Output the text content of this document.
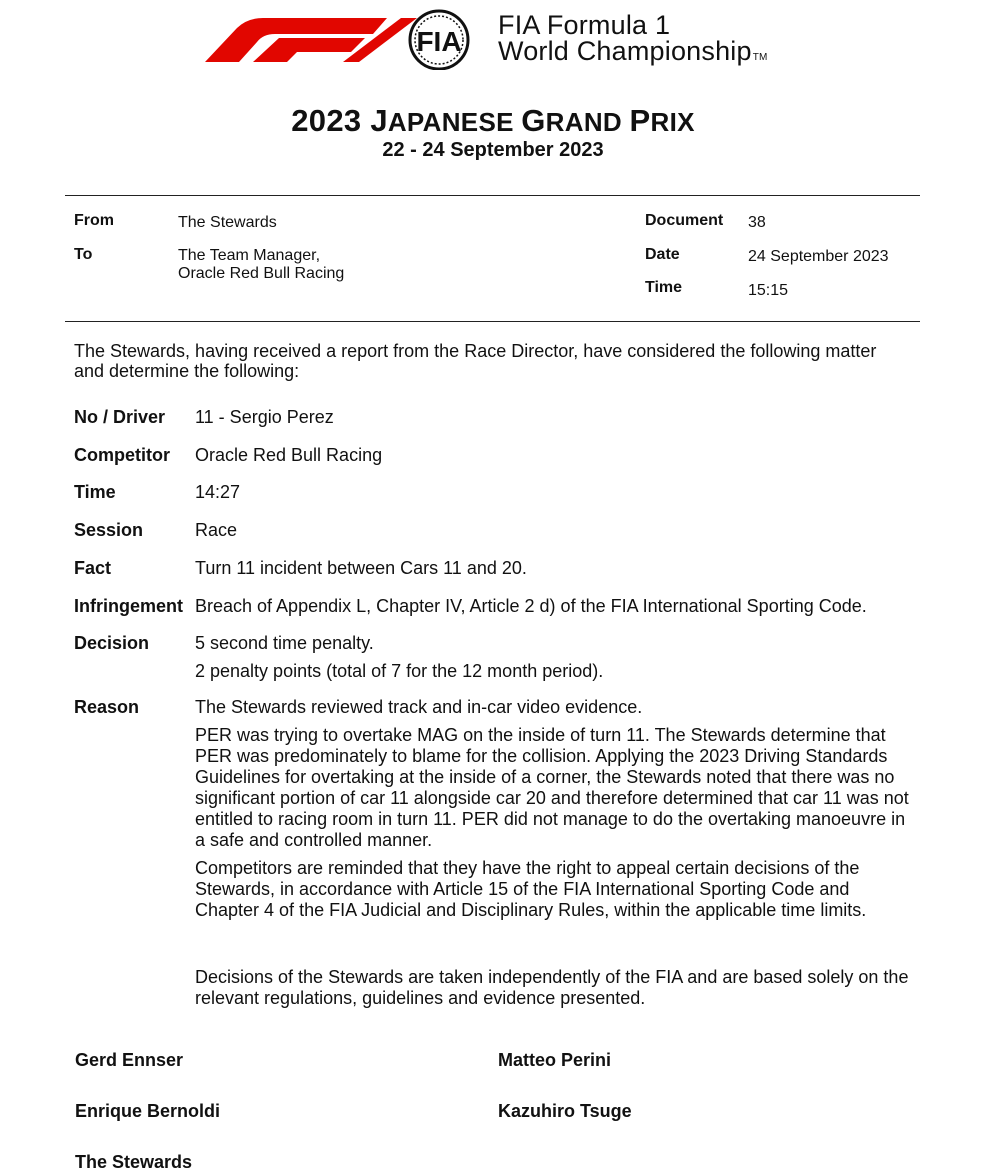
FIA
FIA Formula 1
World ChampionshipTM
2023 JAPANESE GRAND PRIX
22 - 24 September 2023
From	The Stewards
To	The Team Manager,
Oracle Red Bull Racing
Document 38
Date	24 September 2023
Time	15:15
The Stewards, having received a report from the Race Director, have considered the following matter and determine the following:
No / Driver 11 - Sergio Perez
Competitor Oracle Red Bull Racing
Time	14:27
Session	Race
Fact	Turn 11 incident between Cars 11 and 20.
Infringement Breach of Appendix L, Chapter IV, Article 2 d) of the FIA International Sporting Code.
Decision	5 second time penalty.

2 penalty points (total of 7 for the 12 month period).

Reason	The Stewards reviewed track and in-car video evidence.

PER was trying to overtake MAG on the inside of turn 11. The Stewards determine that PER was predominately to blame for the collision. Applying the 2023 Driving Standards Guidelines for overtaking at the inside of a corner, the Stewards noted that there was no significant portion of car 11 alongside car 20 and therefore determined that car 11 was not entitled to racing room in turn 11. PER did not manage to do the overtaking manoeuvre in a safe and controlled manner.

Competitors are reminded that they have the right to appeal certain decisions of the Stewards, in accordance with Article 15 of the FIA International Sporting Code and Chapter 4 of the FIA Judicial and Disciplinary Rules, within the applicable time limits.

Decisions of the Stewards are taken independently of the FIA and are based solely on the relevant regulations, guidelines and evidence presented.
Gerd Ennser	Matteo Perini
Enrique Bernoldi	Kazuhiro Tsuge
The Stewards
